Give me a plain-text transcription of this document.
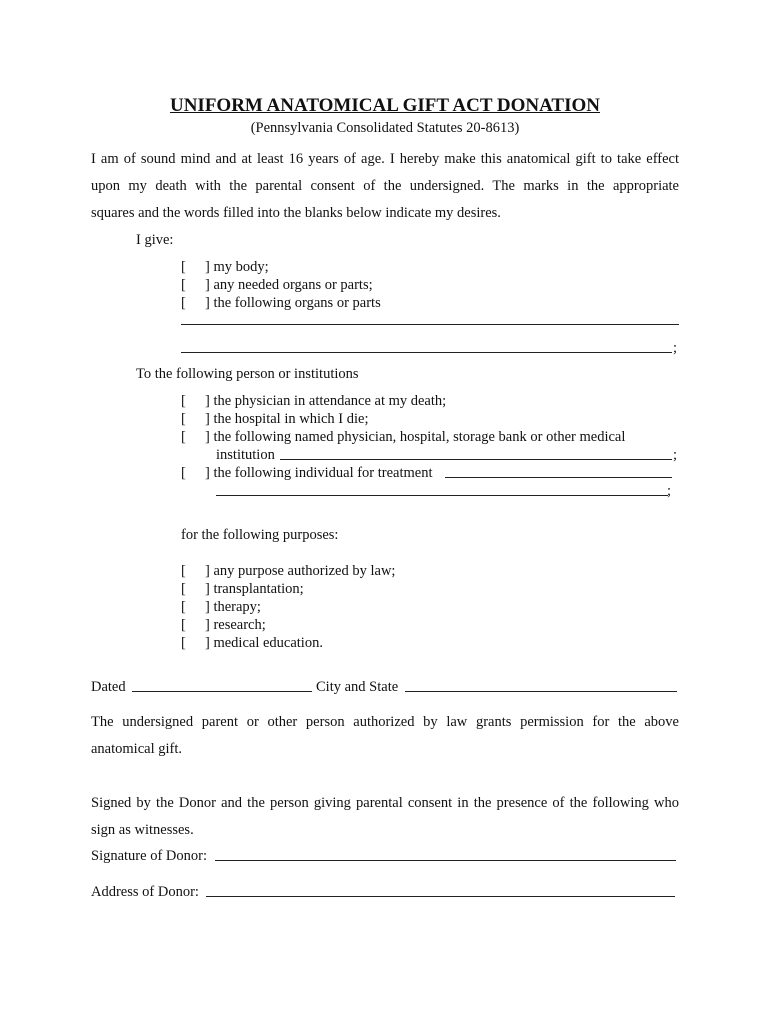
UNIFORM ANATOMICAL GIFT ACT DONATION
(Pennsylvania Consolidated Statutes 20-8613)
I am of sound mind and at least 16 years of age. I hereby make this anatomical gift to take effect
upon my death with the parental consent of the undersigned. The marks in the appropriate
squares and the words filled into the blanks below indicate my desires.
I give:
[	] my body;
[	] any needed organs or parts;
[	] the following organs or parts
;
To the following person or institutions
[	] the physician in attendance at my death;
[	] the hospital in which I die;
[	] the following named physician, hospital, storage bank or other medical
institution	;
[	] the following individual for treatment
;
for the following purposes:
[	] any purpose authorized by law;
[	] transplantation;
[	] therapy;
[	] research;
[	] medical education.
Dated	City and State
The undersigned parent or other person authorized by law grants permission for the above
anatomical gift.
Signed by the Donor and the person giving parental consent in the presence of the following who
sign as witnesses.
Signature of Donor:
Address of Donor:
